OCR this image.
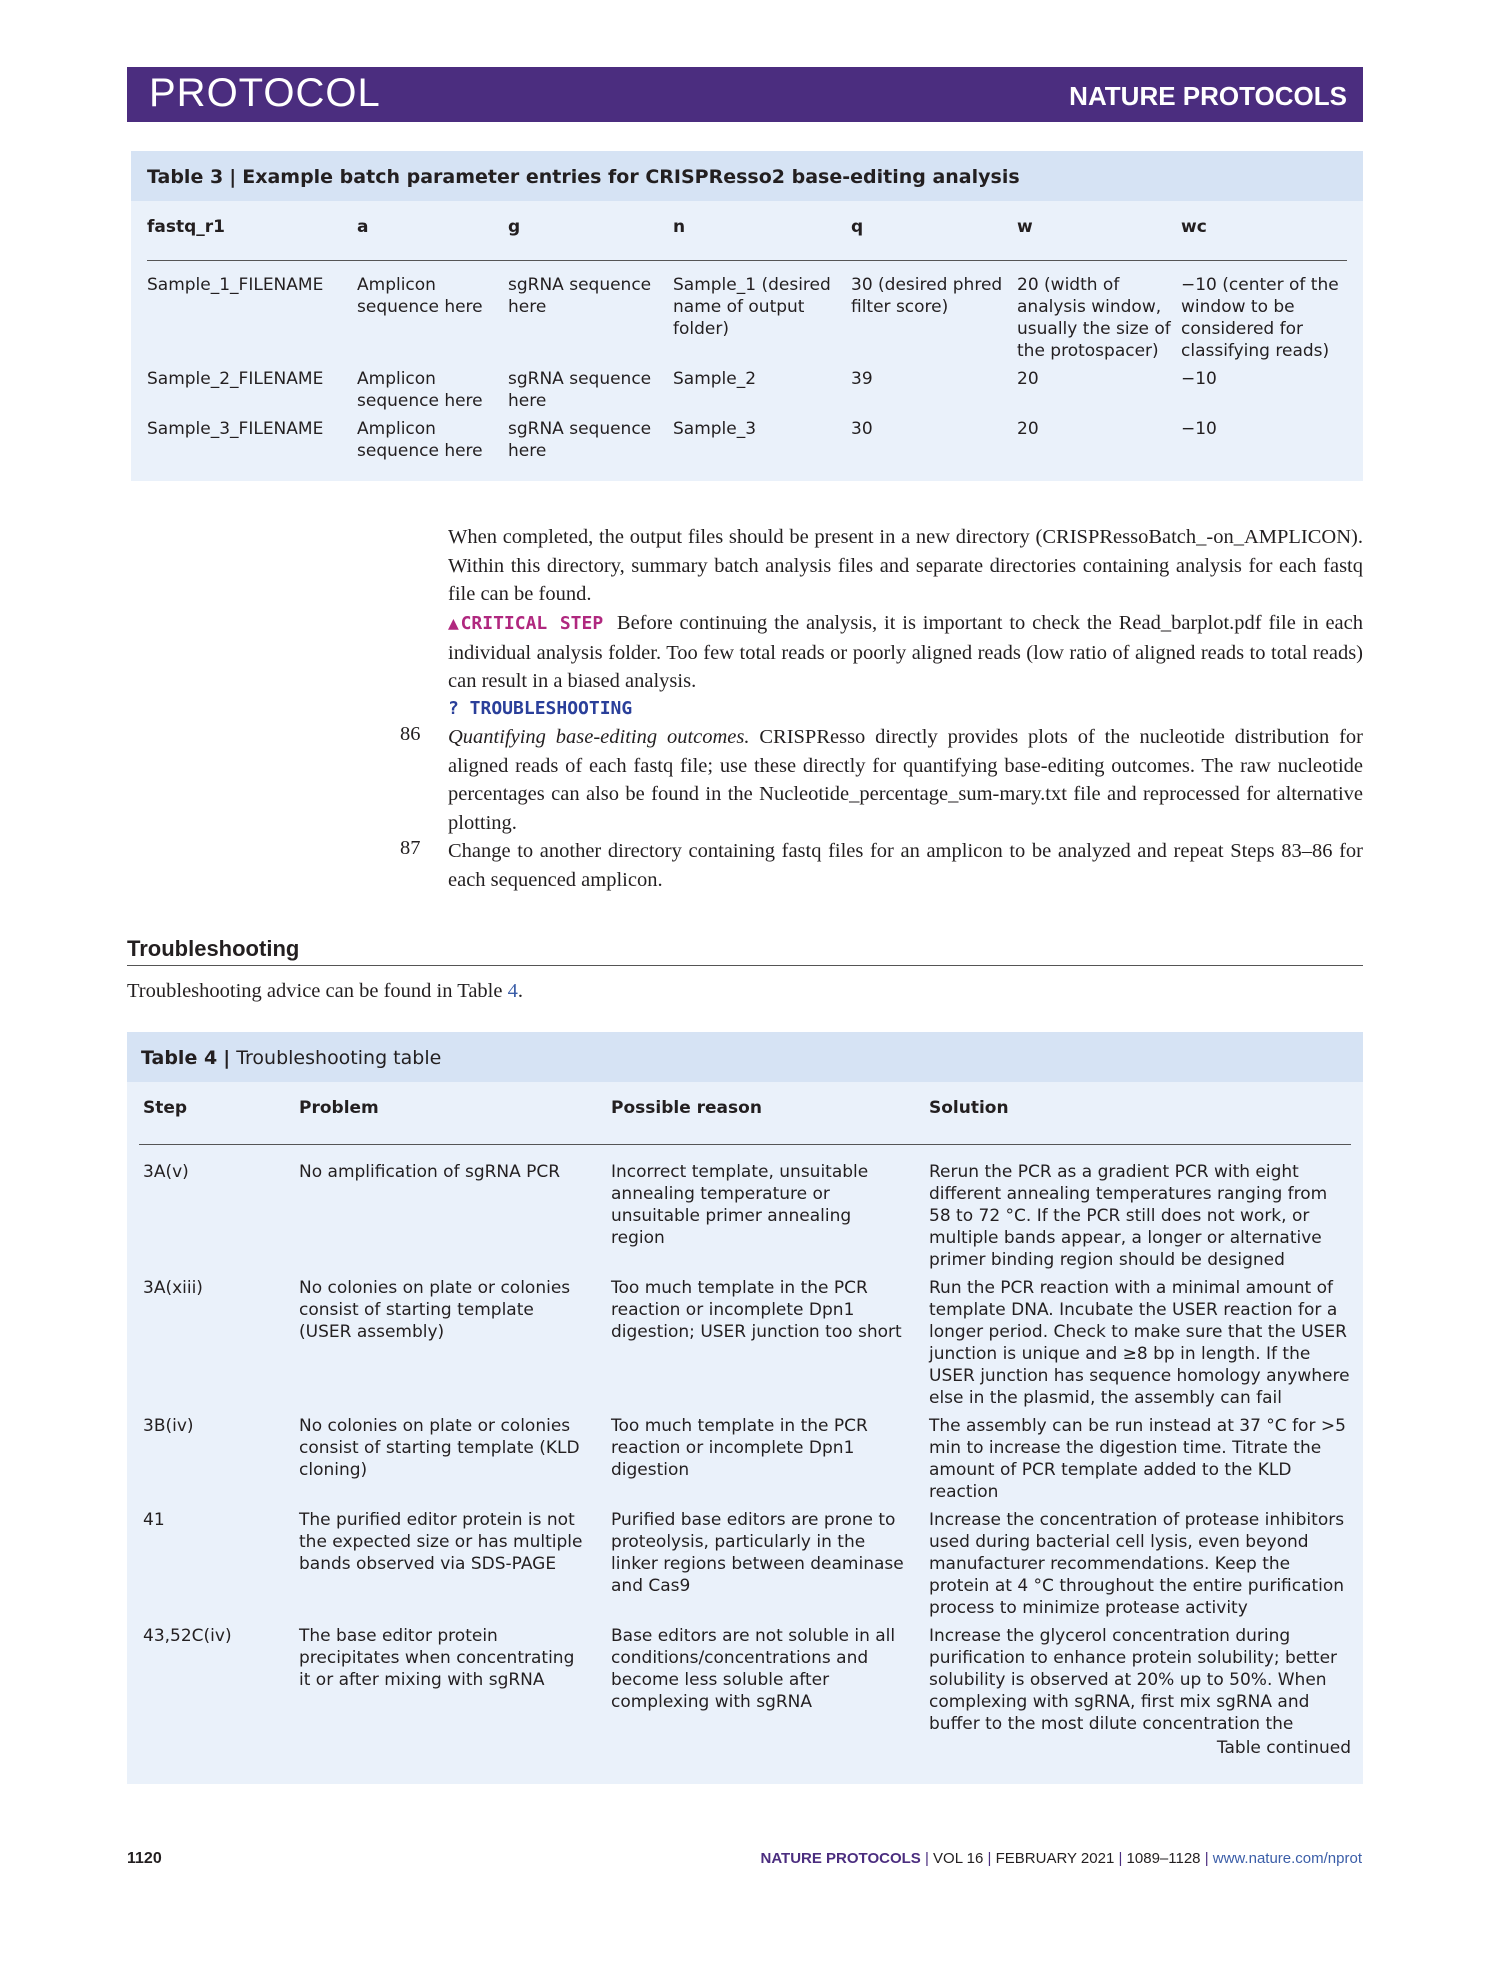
PROTOCOL	NATURE PROTOCOLS
Table 3 | Example batch parameter entries for CRISPResso2 base-editing analysis
fastq_r1	a	g	n	q	w	wc
Sample_1_FILENAME	Amplicon sequence here	sgRNA sequence here	Sample_1 (desired name of output folder)	30 (desired phred filter score)	20 (width of analysis window, usually the size of the protospacer)	−10 (center of the window to be considered for classifying reads)
Sample_2_FILENAME	Amplicon sequence here	sgRNA sequence here	Sample_2	39	20	−10
Sample_3_FILENAME	Amplicon sequence here	sgRNA sequence here	Sample_3	30	20	−10
When completed, the output files should be present in a new directory (CRISPRessoBatch_-on_AMPLICON). Within this directory, summary batch analysis files and separate directories containing analysis for each fastq file can be found.
▲CRITICAL STEP Before continuing the analysis, it is important to check the Read_barplot.pdf file in each individual analysis folder. Too few total reads or poorly aligned reads (low ratio of aligned reads to total reads) can result in a biased analysis.
? TROUBLESHOOTING
86 Quantifying base-editing outcomes. CRISPResso directly provides plots of the nucleotide distribution for aligned reads of each fastq file; use these directly for quantifying base-editing outcomes. The raw nucleotide percentages can also be found in the Nucleotide_percentage_sum-mary.txt file and reprocessed for alternative plotting.
87 Change to another directory containing fastq files for an amplicon to be analyzed and repeat Steps 83–86 for each sequenced amplicon.
Troubleshooting
Troubleshooting advice can be found in Table 4.
Table 4 | Troubleshooting table
Step	Problem	Possible reason	Solution
3A(v)	No amplification of sgRNA PCR	Incorrect template, unsuitable annealing temperature or unsuitable primer annealing region	Rerun the PCR as a gradient PCR with eight different annealing temperatures ranging from 58 to 72 °C. If the PCR still does not work, or multiple bands appear, a longer or alternative primer binding region should be designed
3A(xiii)	No colonies on plate or colonies consist of starting template (USER assembly)	Too much template in the PCR reaction or incomplete Dpn1 digestion; USER junction too short	Run the PCR reaction with a minimal amount of template DNA. Incubate the USER reaction for a longer period. Check to make sure that the USER junction is unique and ≥8 bp in length. If the USER junction has sequence homology anywhere else in the plasmid, the assembly can fail
3B(iv)	No colonies on plate or colonies consist of starting template (KLD cloning)	Too much template in the PCR reaction or incomplete Dpn1 digestion	The assembly can be run instead at 37 °C for >5 min to increase the digestion time. Titrate the amount of PCR template added to the KLD reaction
41	The purified editor protein is not the expected size or has multiple bands observed via SDS-PAGE	Purified base editors are prone to proteolysis, particularly in the linker regions between deaminase and Cas9	Increase the concentration of protease inhibitors used during bacterial cell lysis, even beyond manufacturer recommendations. Keep the protein at 4 °C throughout the entire purification process to minimize protease activity
43,52C(iv)	The base editor protein precipitates when concentrating it or after mixing with sgRNA	Base editors are not soluble in all conditions/concentrations and become less soluble after complexing with sgRNA	Increase the glycerol concentration during purification to enhance protein solubility; better solubility is observed at 20% up to 50%. When complexing with sgRNA, first mix sgRNA and buffer to the most dilute concentration the
Table continued			
1120	NATURE PROTOCOLS | VOL 16 | FEBRUARY 2021 | 1089–1128 | www.nature.com/nprot
